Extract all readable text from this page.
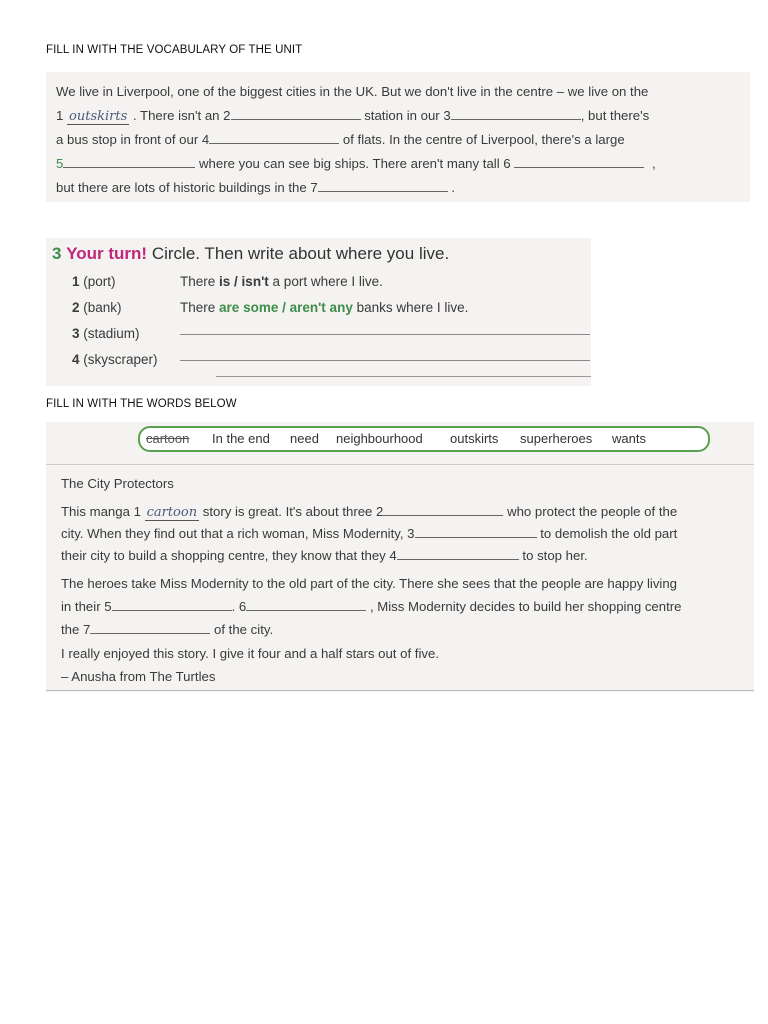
FILL IN WITH THE VOCABULARY OF THE UNIT
We live in Liverpool, one of the biggest cities in the UK. But we don't live in the centre – we live on the
1 outskirts . There isn't an 2	station in our 3	, but there's
a bus stop in front of our 4	of flats. In the centre of Liverpool, there's a large
5	where you can see big ships. There aren't many tall 6	,
but there are lots of historic buildings in the 7	.
3 Your turn! Circle. Then write about where you live.
1 (port)	There is / isn't a port where I live.
2 (bank)	There are some / aren't any banks where I live.
3 (stadium)
4 (skyscraper)
FILL IN WITH THE WORDS BELOW
cartoon In the end need neighbourhood outskirts superheroes wants
The City Protectors
This manga 1 cartoon story is great. It's about three 2	who protect the people of the
city. When they find out that a rich woman, Miss Modernity, 3	to demolish the old part
their city to build a shopping centre, they know that they 4	to stop her.
The heroes take Miss Modernity to the old part of the city. There she sees that the people are happy living
in their 5	. 6	, Miss Modernity decides to build her shopping centre
the 7	of the city.
I really enjoyed this story. I give it four and a half stars out of five.
– Anusha from The Turtles
